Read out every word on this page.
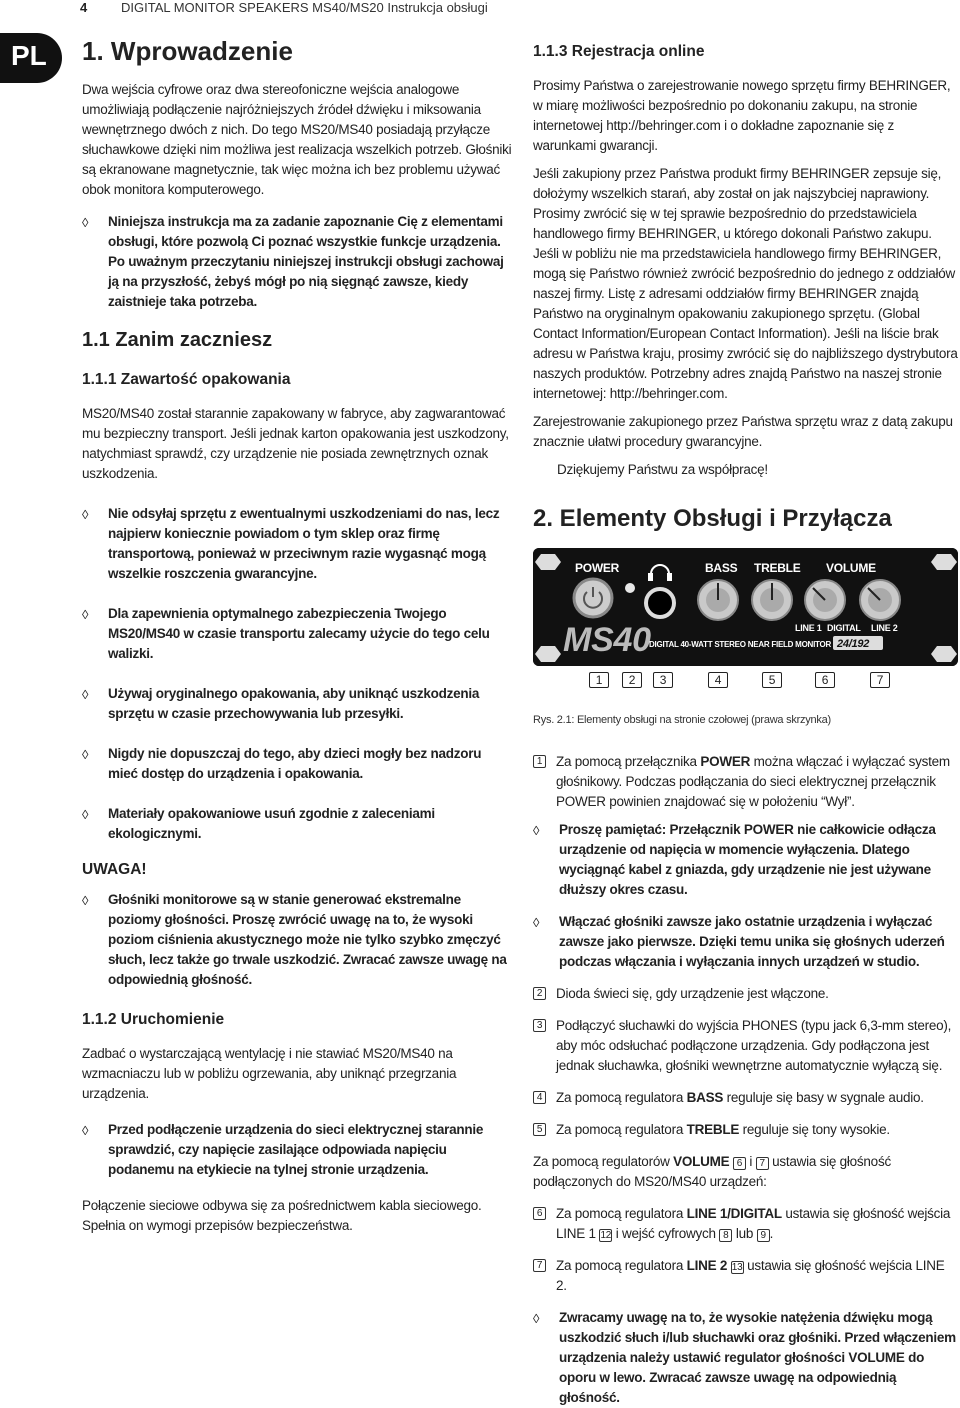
4	DIGITAL MONITOR SPEAKERS MS40/MS20 Instrukcja obsługi
PL	1. Wprowadzenie

Dwa wejścia cyfrowe oraz dwa stereofoniczne wejścia analogowe umożliwiają podłączenie najróżniejszych źródeł dźwięku i miksowania wewnętrznego dwóch z nich. Do tego MS20/MS40 posiadają przyłącze słuchawkowe dzięki nim możliwa jest realizacja wszelkich potrzeb. Głośniki są ekranowane magnetycznie, tak więc można ich bez problemu używać obok monitora komputerowego.

◊ Niniejsza instrukcja ma za zadanie zapoznanie Cię z elementami obsługi, które pozwolą Ci poznać wszystkie funkcje urządzenia.

Po uważnym przeczytaniu niniejszej instrukcji obsługi zachowaj ją na przyszłość, żebyś mógł po nią sięgnąć zawsze, kiedy zaistnieje taka potrzeba.

1.1 Zanim zaczniesz
1.1.1 Zawartość opakowania

MS20/MS40 został starannie zapakowany w fabryce, aby zagwarantować mu bezpieczny transport. Jeśli jednak karton opakowania jest uszkodzony, natychmiast sprawdź, czy urządzenie nie posiada zewnętrznych oznak uszkodzenia.

◊ Nie odsyłaj sprzętu z ewentualnymi uszkodzeniami do nas, lecz najpierw koniecznie powiadom o tym sklep oraz firmę transportową, ponieważ w przeciwnym razie wygasnąć mogą wszelkie roszczenia gwarancyjne.
◊ Dla zapewnienia optymalnego zabezpieczenia Twojego MS20/MS40 w czasie transportu zalecamy użycie do tego celu walizki.
◊ Używaj oryginalnego opakowania, aby uniknąć uszkodzenia sprzętu w czasie przechowywania lub przesyłki.
◊ Nigdy nie dopuszczaj do tego, aby dzieci mogły bez nadzoru mieć dostęp do urządzenia i opakowania.
◊ Materiały opakowaniowe usuń zgodnie z zaleceniami ekologicznymi.
UWAGA!
◊ Głośniki monitorowe są w stanie generować ekstremalne poziomy głośności. Proszę zwrócić uwagę na to, że wysoki poziom ciśnienia akustycznego może nie tylko szybko zmęczyć słuch, lecz także go trwale uszkodzić. Zwracać zawsze uwagę na odpowiednią głośność.
1.1.2 Uruchomienie

Zadbać o wystarczającą wentylację i nie stawiać MS20/MS40 na wzmacniaczu lub w pobliżu ogrzewania, aby uniknąć przegrzania urządzenia.

◊ Przed podłączenie urządzenia do sieci elektrycznej starannie sprawdzić, czy napięcie zasilające odpowiada napięciu podanemu na etykiecie na tylnej stronie urządzenia.

Połączenie sieciowe odbywa się za pośrednictwem kabla sieciowego. Spełnia on wymogi przepisów bezpieczeństwa.

1.1.3 Rejestracja online

Prosimy Państwa o zarejestrowanie nowego sprzętu firmy BEHRINGER, w miarę możliwości bezpośrednio po dokonaniu zakupu, na stronie internetowej http://behringer.com i o dokładne zapoznanie się z warunkami gwarancji.

Jeśli zakupiony przez Państwa produkt firmy BEHRINGER zepsuje się, dołożymy wszelkich starań, aby został on jak najszybciej naprawiony. Prosimy zwrócić się w tej sprawie bezpośrednio do przedstawiciela handlowego firmy BEHRINGER, u którego dokonali Państwo zakupu. Jeśli w pobliżu nie ma przedstawiciela handlowego firmy BEHRINGER, mogą się Państwo również zwrócić bezpośrednio do jednego z oddziałów naszej firmy. Listę z adresami oddziałów firmy BEHRINGER znajdą Państwo na oryginalnym opakowaniu zakupionego sprzętu. (Global Contact Information/European Contact Information). Jeśli na liście brak adresu w Państwa kraju, prosimy zwrócić się do najbliższego dystrybutora naszych produktów. Potrzebny adres znajdą Państwo na naszej stronie internetowej: http://behringer.com.

Zarejestrowanie zakupionego przez Państwa sprzętu wraz z datą zakupu znacznie ułatwi procedury gwarancyjne.

Dziękujemy Państwu za współpracę!

2. Elementy Obsługi i Przyłącza
POWER	BASS TREBLE VOLUME
LINE 1 DIGITAL LINE 2
MS40
DIGITAL 40-WATT STEREO NEAR FIELD MONITOR 24/192
1	2	3	4	5	6	7
Rys. 2.1: Elementy obsługi na stronie czołowej (prawa skrzynka)
1 Za pomocą przełącznika POWER można włączać i wyłączać system głośnikowy. Podczas podłączania do sieci elektrycznej przełącznik POWER powinien znajdować się w położeniu “Wył”.
◊ Proszę pamiętać: Przełącznik POWER nie całkowicie odłącza urządzenie od napięcia w momencie wyłączenia. Dlatego wyciągnąć kabel z gniazda, gdy urządzenie nie jest używane dłuższy okres czasu.
◊ Włączać głośniki zawsze jako ostatnie urządzenia i wyłączać zawsze jako pierwsze. Dzięki temu unika się głośnych uderzeń podczas włączania i wyłączania innych urządzeń w studio.
2 Dioda świeci się, gdy urządzenie jest włączone.
3 Podłączyć słuchawki do wyjścia PHONES (typu jack 6,3-mm stereo), aby móc odsłuchać podłączone urządzenia. Gdy podłączona jest jednak słuchawka, głośniki wewnętrzne automatycznie wyłączą się.
4 Za pomocą regulatora BASS reguluje się basy w sygnale audio.
5 Za pomocą regulatora TREBLE reguluje się tony wysokie.

Za pomocą regulatorów VOLUME 6 i 7 ustawia się głośność podłączonych do MS20/MS40 urządzeń:

6 Za pomocą regulatora LINE 1/DIGITAL ustawia się głośność wejścia LINE 1 12 i wejść cyfrowych 8 lub 9 .
7 Za pomocą regulatora LINE 2 13 ustawia się głośność wejścia LINE 2.
◊ Zwracamy uwagę na to, że wysokie natężenia dźwięku mogą uszkodzić słuch i/lub słuchawki oraz głośniki. Przed włączeniem urządzenia należy ustawić regulator głośności VOLUME do oporu w lewo. Zwracać zawsze uwagę na odpowiednią głośność.
